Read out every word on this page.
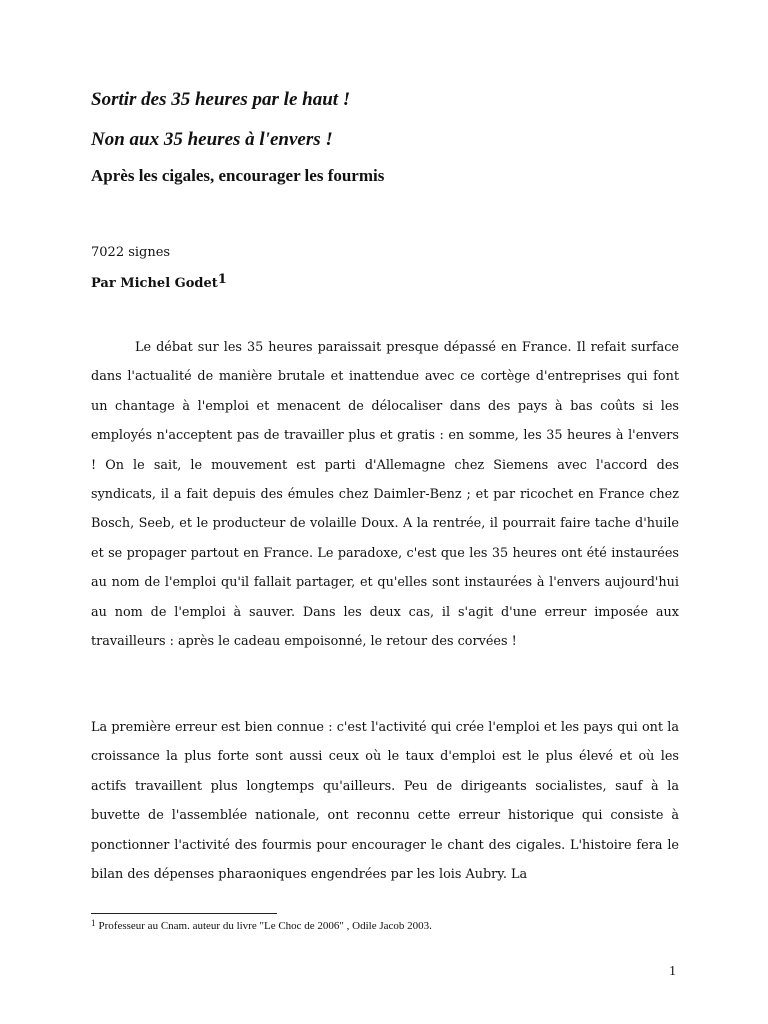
Sortir des 35 heures par le haut !
Non aux 35 heures à l'envers !
Après les cigales, encourager les fourmis

7022 signes

Par Michel Godet$^1$

Le débat sur les 35 heures paraissait presque dépassé en France. Il refait surface dans l'actualité de manière brutale et inattendue avec ce cortège d'entreprises qui font un chantage à l'emploi et menacent de délocaliser dans des pays à bas coûts si les employés n'acceptent pas de travailler plus et gratis : en somme, les 35 heures à l'envers ! On le sait, le mouvement est parti d'Allemagne chez Siemens avec l'accord des syndicats, il a fait depuis des émules chez Daimler-Benz ; et par ricochet en France chez Bosch, Seeb, et le producteur de volaille Doux. A la rentrée, il pourrait faire tache d'huile et se propager partout en France. Le paradoxe, c'est que les 35 heures ont été instaurées au nom de l'emploi qu'il fallait partager, et qu'elles sont instaurées à l'envers aujourd'hui au nom de l'emploi à sauver. Dans les deux cas, il s'agit d'une erreur imposée aux travailleurs : après le cadeau empoisonné, le retour des corvées !

La première erreur est bien connue : c'est l'activité qui crée l'emploi et les pays qui ont la croissance la plus forte sont aussi ceux où le taux d'emploi est le plus élevé et où les actifs travaillent plus longtemps qu'ailleurs. Peu de dirigeants socialistes, sauf à la buvette de l'assemblée nationale, ont reconnu cette erreur historique qui consiste à ponctionner l'activité des fourmis pour encourager le chant des cigales. L'histoire fera le bilan des dépenses pharaoniques engendrées par les lois Aubry. La

$^1$ Professeur au Cnam. auteur du livre "Le Choc de 2006" , Odile Jacob 2003.

1
